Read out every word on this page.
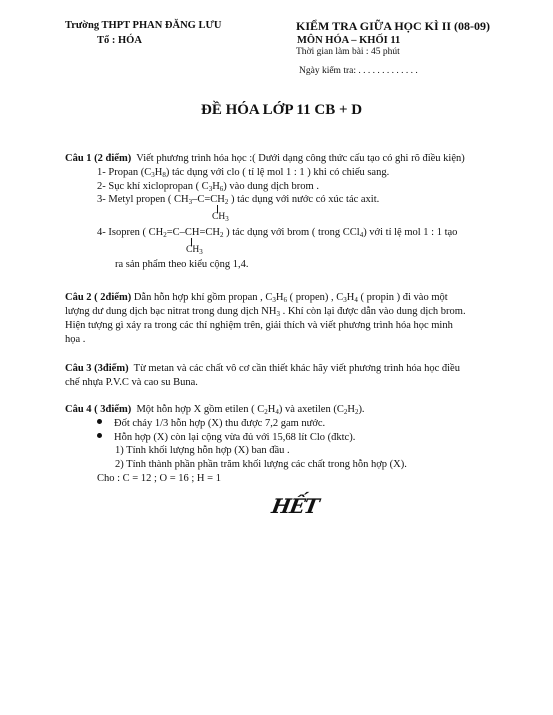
Trường THPT PHAN ĐĂNG LƯU
Tổ : HÓA
KIỂM TRA GIỮA HỌC KÌ II (08-09)
MÔN HÓA – KHỐI 11
Thời gian làm bài : 45 phút
Ngày kiểm tra: . . . . . . . . . . . . .
ĐỀ HÓA LỚP 11 CB + D
Câu 1 (2 điểm) Viết phương trình hóa học :( Dưới dạng công thức cấu tạo có ghi rõ điều kiện)
1- Propan $(C_3H_8)$ tác dụng với clo ( tỉ lệ mol 1 : 1 ) khi có chiếu sang.
2- Sục khí xiclopropan ( $C_3H_6$) vào dung dịch brom .
3- Metyl propen ( $CH_3-C=CH_2$ ) tác dụng với nước có xúc tác axit.
$CH_3$
4- Isopren ( $CH_2=C-CH=CH_2$ ) tác dụng với brom ( trong CCl$_4$) với tỉ lệ mol 1 : 1 tạo
$CH_3$
ra sản phẩm theo kiểu cộng 1,4.
Câu 2 ( 2điểm) Dẫn hỗn hợp khí gồm propan , $C_3H_6$ ( propen) , $C_3H_4$ ( propin ) đi vào một
lượng dư dung dịch bạc nitrat trong dung dịch $NH_3$ . Khí còn lại được dẫn vào dung dịch brom.
Hiện tượng gì xảy ra trong các thí nghiệm trên, giải thích và viết phương trình hóa học minh
họa .
Câu 3 (3điểm) Từ metan và các chất vô cơ cần thiết khác hãy viết phương trình hóa học điều
chế nhựa P.V.C và cao su Buna.
Câu 4 ( 3điểm) Một hỗn hợp X gồm etilen ( $C_2H_4$) và axetilen $(C_2H_2)$.
Đốt cháy 1/3 hỗn hợp (X) thu được 7,2 gam nước.
Hỗn hợp (X) còn lại cộng vừa đủ với 15,68 lít Clo (đktc).
1) Tính khối lượng hỗn hợp (X) ban đầu .
2) Tính thành phần phần trăm khối lượng các chất trong hỗn hợp (X).
Cho : C = 12 ; O = 16 ; H = 1
HẾT
